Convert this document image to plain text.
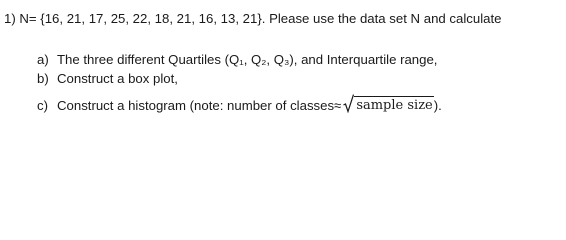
1) N= {16, 21, 17, 25, 22, 18, 21, 16, 13, 21}. Please use the data set N and calculate
a) The three different Quartiles (Q₁, Q₂, Q₃), and Interquartile range,
b) Construct a box plot,
c) Construct a histogram (note: number of classes≈ sample size ).
